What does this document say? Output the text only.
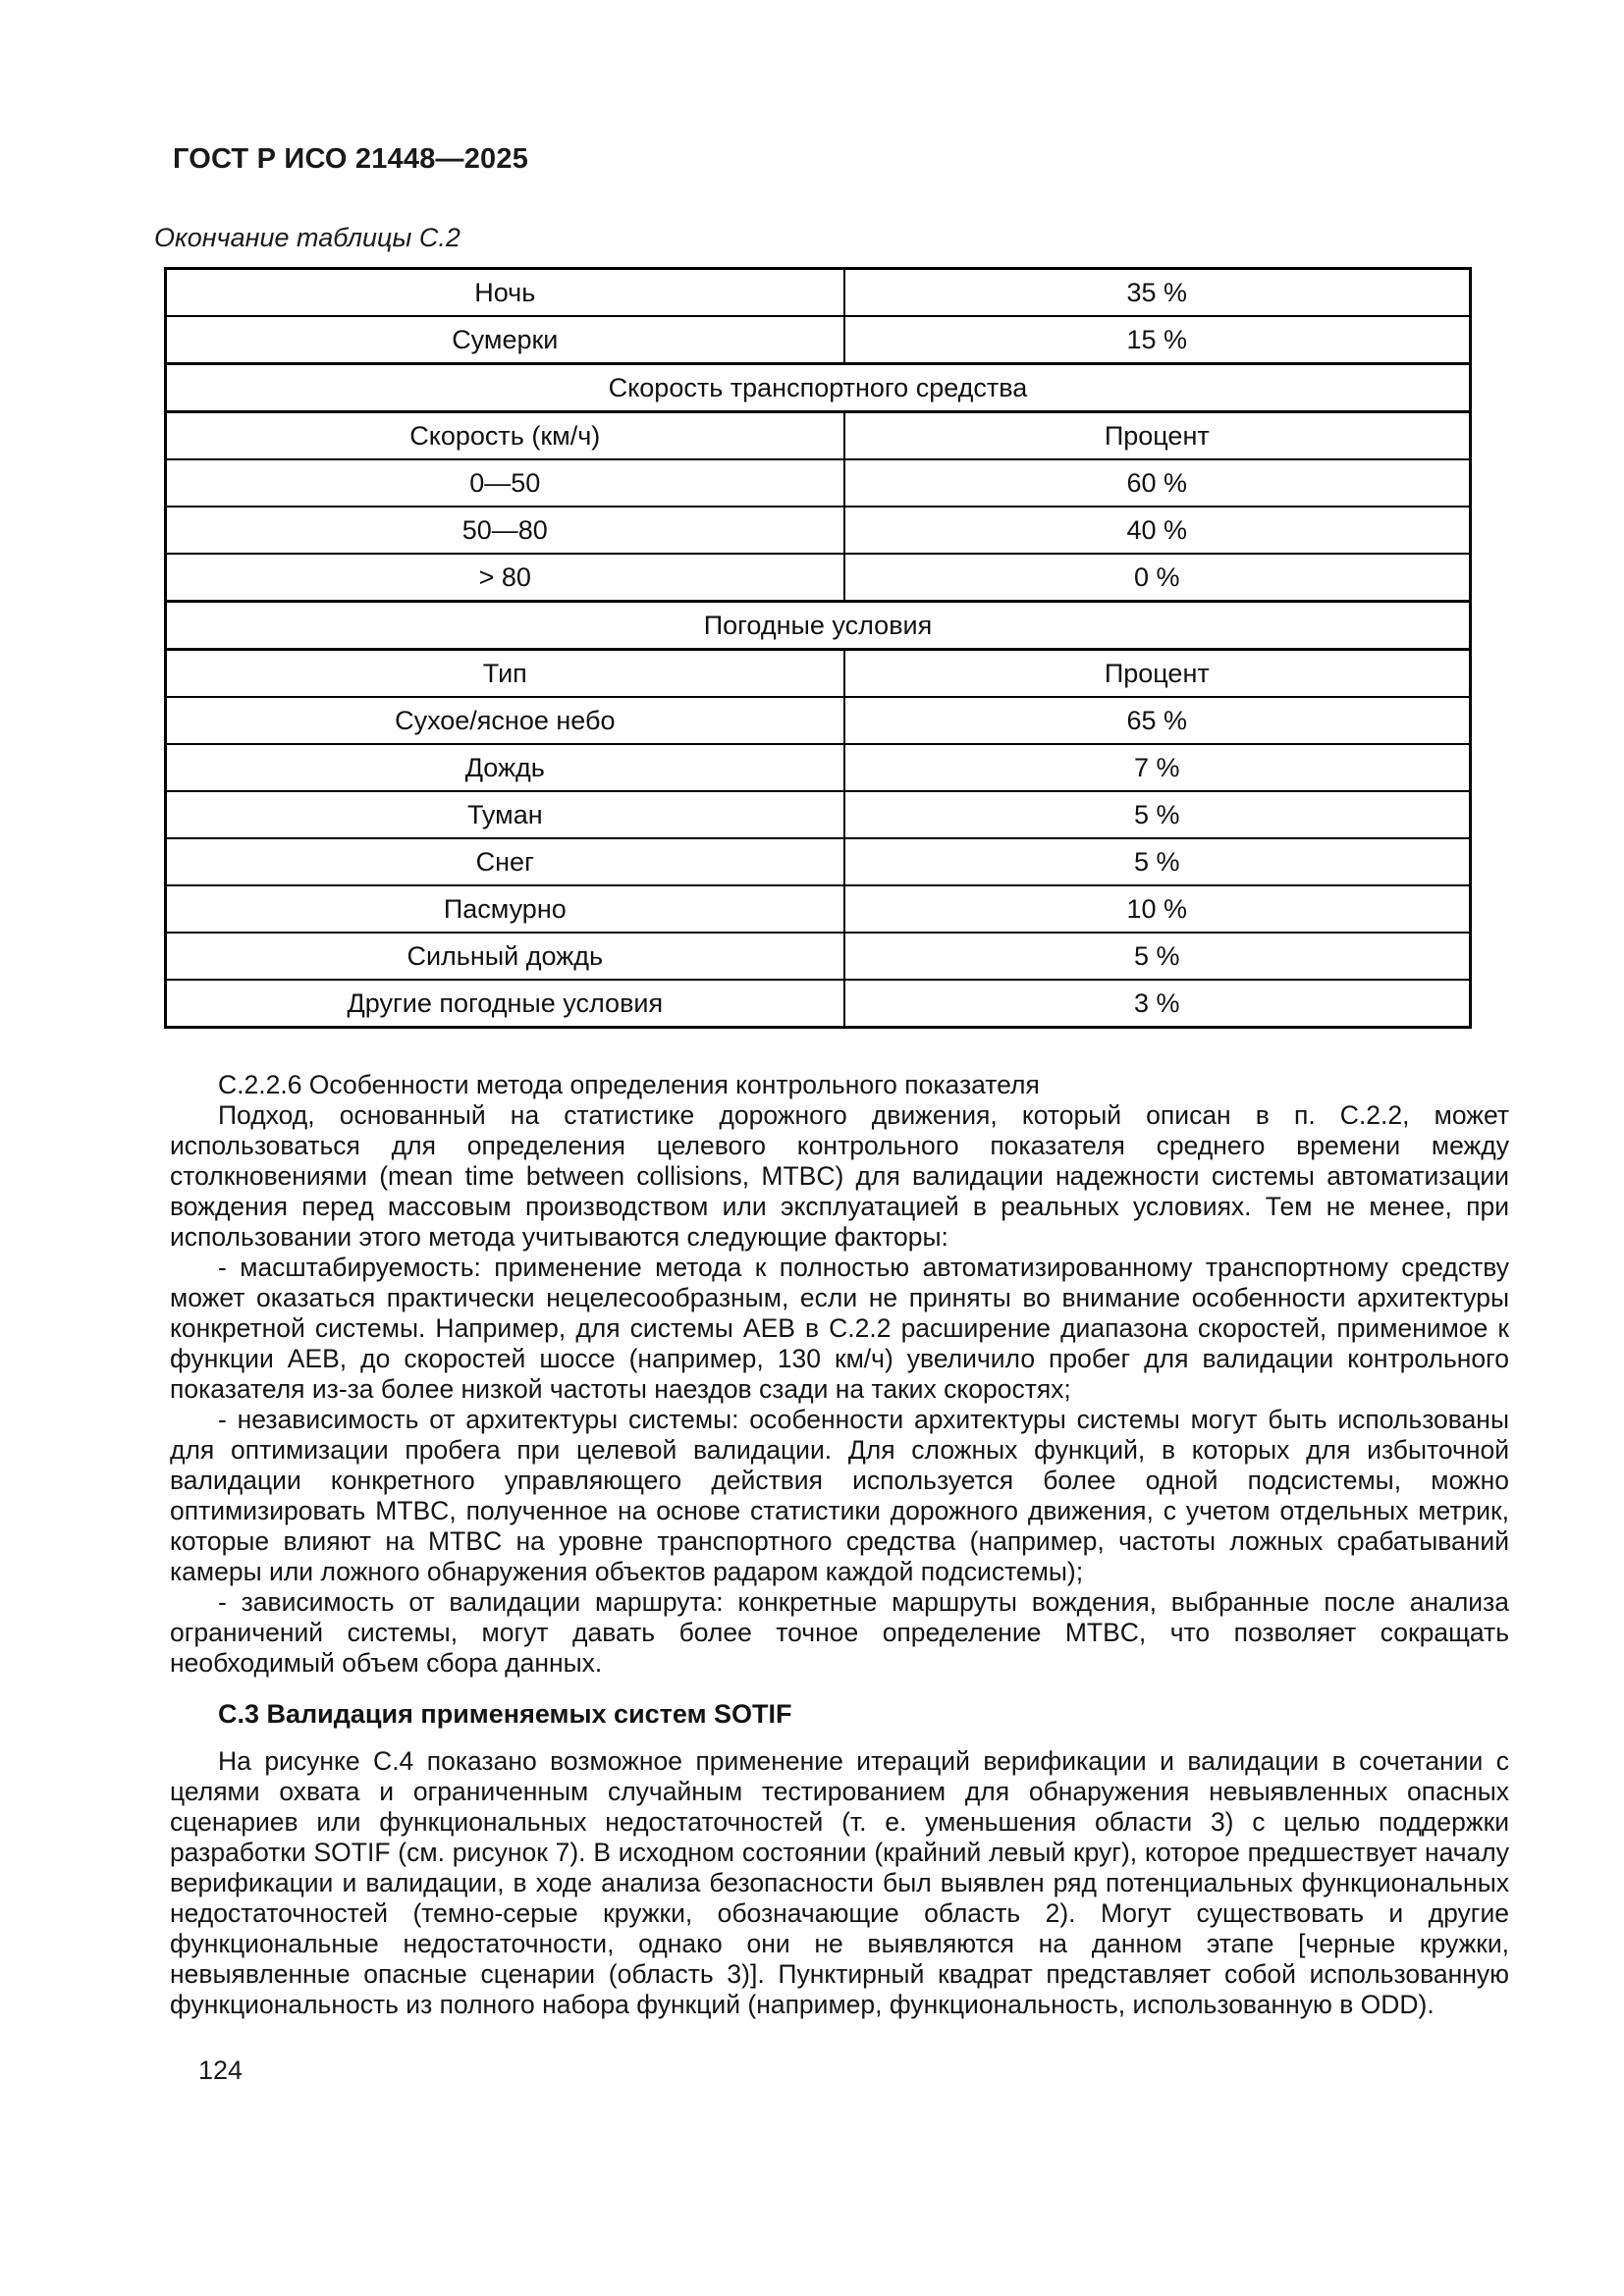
ГОСТ Р ИСО 21448—2025
Окончание таблицы С.2
Ночь	35 %
Сумерки	15 %
Скорость транспортного средства	
Скорость (км/ч)	Процент
0—50	60 %
50—80	40 %
> 80	0 %
Погодные условия	
Тип	Процент
Сухое/ясное небо	65 %
Дождь	7 %
Туман	5 %
Снег	5 %
Пасмурно	10 %
Сильный дождь	5 %
Другие погодные условия	3 %

С.2.2.6 Особенности метода определения контрольного показателя

Подход, основанный на статистике дорожного движения, который описан в п. С.2.2, может использоваться для определения целевого контрольного показателя среднего времени между столкновениями (mean time between collisions, MTBC) для валидации надежности системы автоматизации вождения перед массовым производством или эксплуатацией в реальных условиях. Тем не менее, при использовании этого метода учитываются следующие факторы:

- масштабируемость: применение метода к полностью автоматизированному транспортному средству может оказаться практически нецелесообразным, если не приняты во внимание особенности архитектуры конкретной системы. Например, для системы AEB в С.2.2 расширение диапазона скоростей, применимое к функции AEB, до скоростей шоссе (например, 130 км/ч) увеличило пробег для валидации контрольного показателя из-за более низкой частоты наездов сзади на таких скоростях;

- независимость от архитектуры системы: особенности архитектуры системы могут быть использованы для оптимизации пробега при целевой валидации. Для сложных функций, в которых для избыточной валидации конкретного управляющего действия используется более одной подсистемы, можно оптимизировать MTBC, полученное на основе статистики дорожного движения, с учетом отдельных метрик, которые влияют на MTBC на уровне транспортного средства (например, частоты ложных срабатываний камеры или ложного обнаружения объектов радаром каждой подсистемы);

- зависимость от валидации маршрута: конкретные маршруты вождения, выбранные после анализа ограничений системы, могут давать более точное определение MTBC, что позволяет сокращать необходимый объем сбора данных.

С.3 Валидация применяемых систем SOTIF

На рисунке С.4 показано возможное применение итераций верификации и валидации в сочетании с целями охвата и ограниченным случайным тестированием для обнаружения невыявленных опасных сценариев или функциональных недостаточностей (т. е. уменьшения области 3) с целью поддержки разработки SOTIF (см. рисунок 7). В исходном состоянии (крайний левый круг), которое предшествует началу верификации и валидации, в ходе анализа безопасности был выявлен ряд потенциальных функциональных недостаточностей (темно-серые кружки, обозначающие область 2). Могут существовать и другие функциональные недостаточности, однако они не выявляются на данном этапе [черные кружки, невыявленные опасные сценарии (область 3)]. Пунктирный квадрат представляет собой использованную функциональность из полного набора функций (например, функциональность, использованную в ODD).

124
